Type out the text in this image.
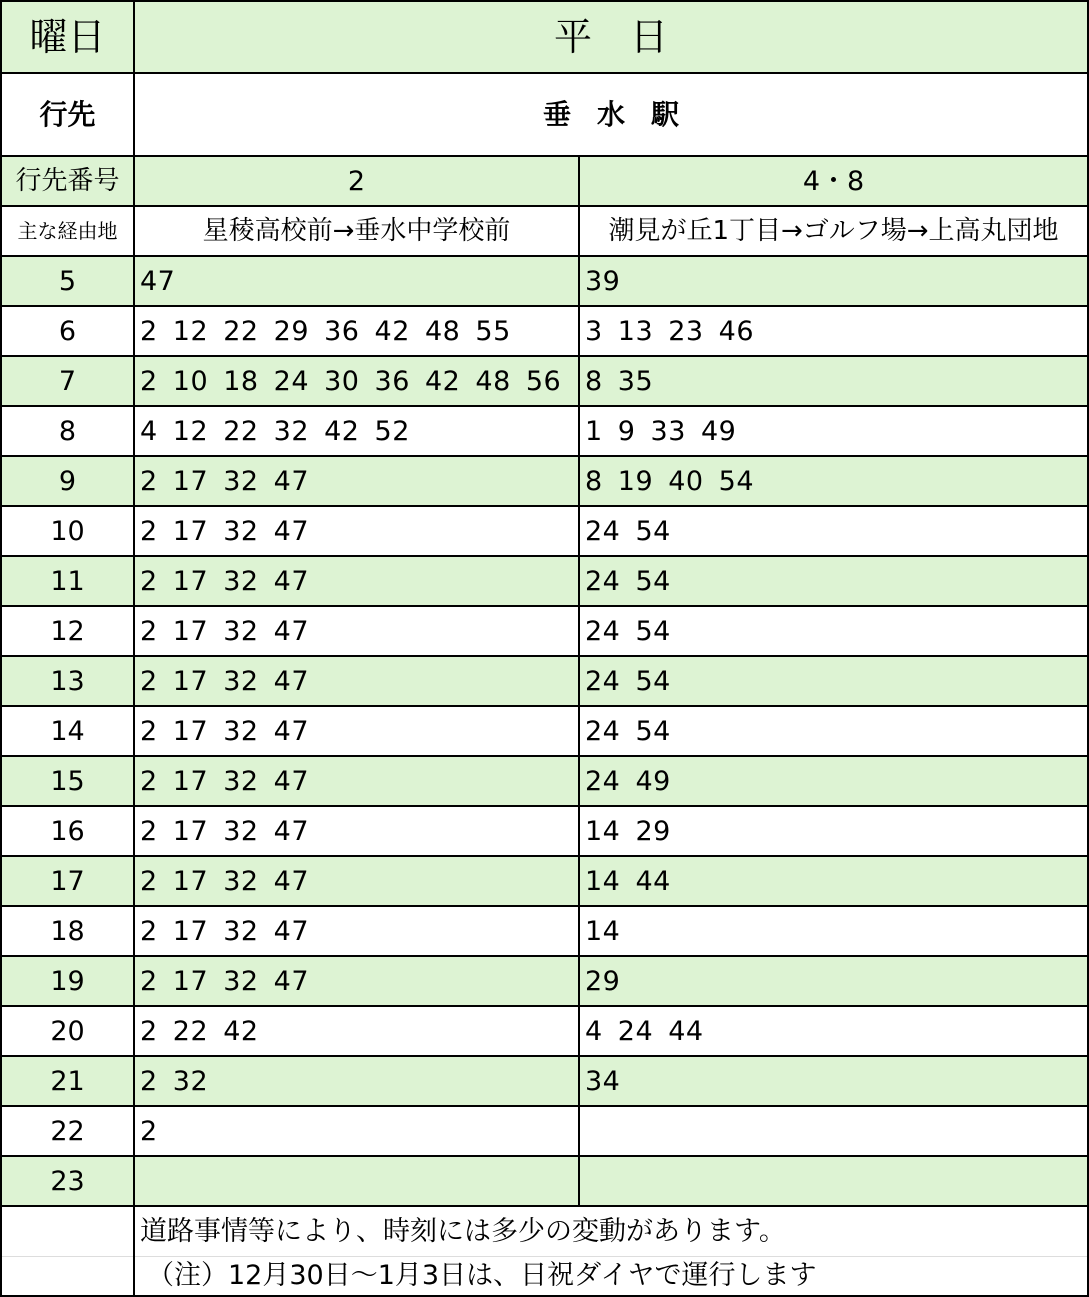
曜日	平　日	
行先	垂水駅	
行先番号	2	4・8
主な経由地	星稜高校前→垂水中学校前	潮見が丘1丁目→ゴルフ場→上高丸団地
5	47	39
6	2 12 22 29 36 42 48 55	3 13 23 46
7	2 10 18 24 30 36 42 48 56	8 35
8	4 12 22 32 42 52	1 9 33 49
9	2 17 32 47	8 19 40 54
10	2 17 32 47	24 54
11	2 17 32 47	24 54
12	2 17 32 47	24 54
13	2 17 32 47	24 54
14	2 17 32 47	24 54
15	2 17 32 47	24 49
16	2 17 32 47	14 29
17	2 17 32 47	14 44
18	2 17 32 47	14
19	2 17 32 47	29
20	2 22 42	4 24 44
21	2 32	34
22	2	
23		
	道路事情等により、時刻には多少の変動があります。	
	（注）12月30日～1月3日は、日祝ダイヤで運行します	
